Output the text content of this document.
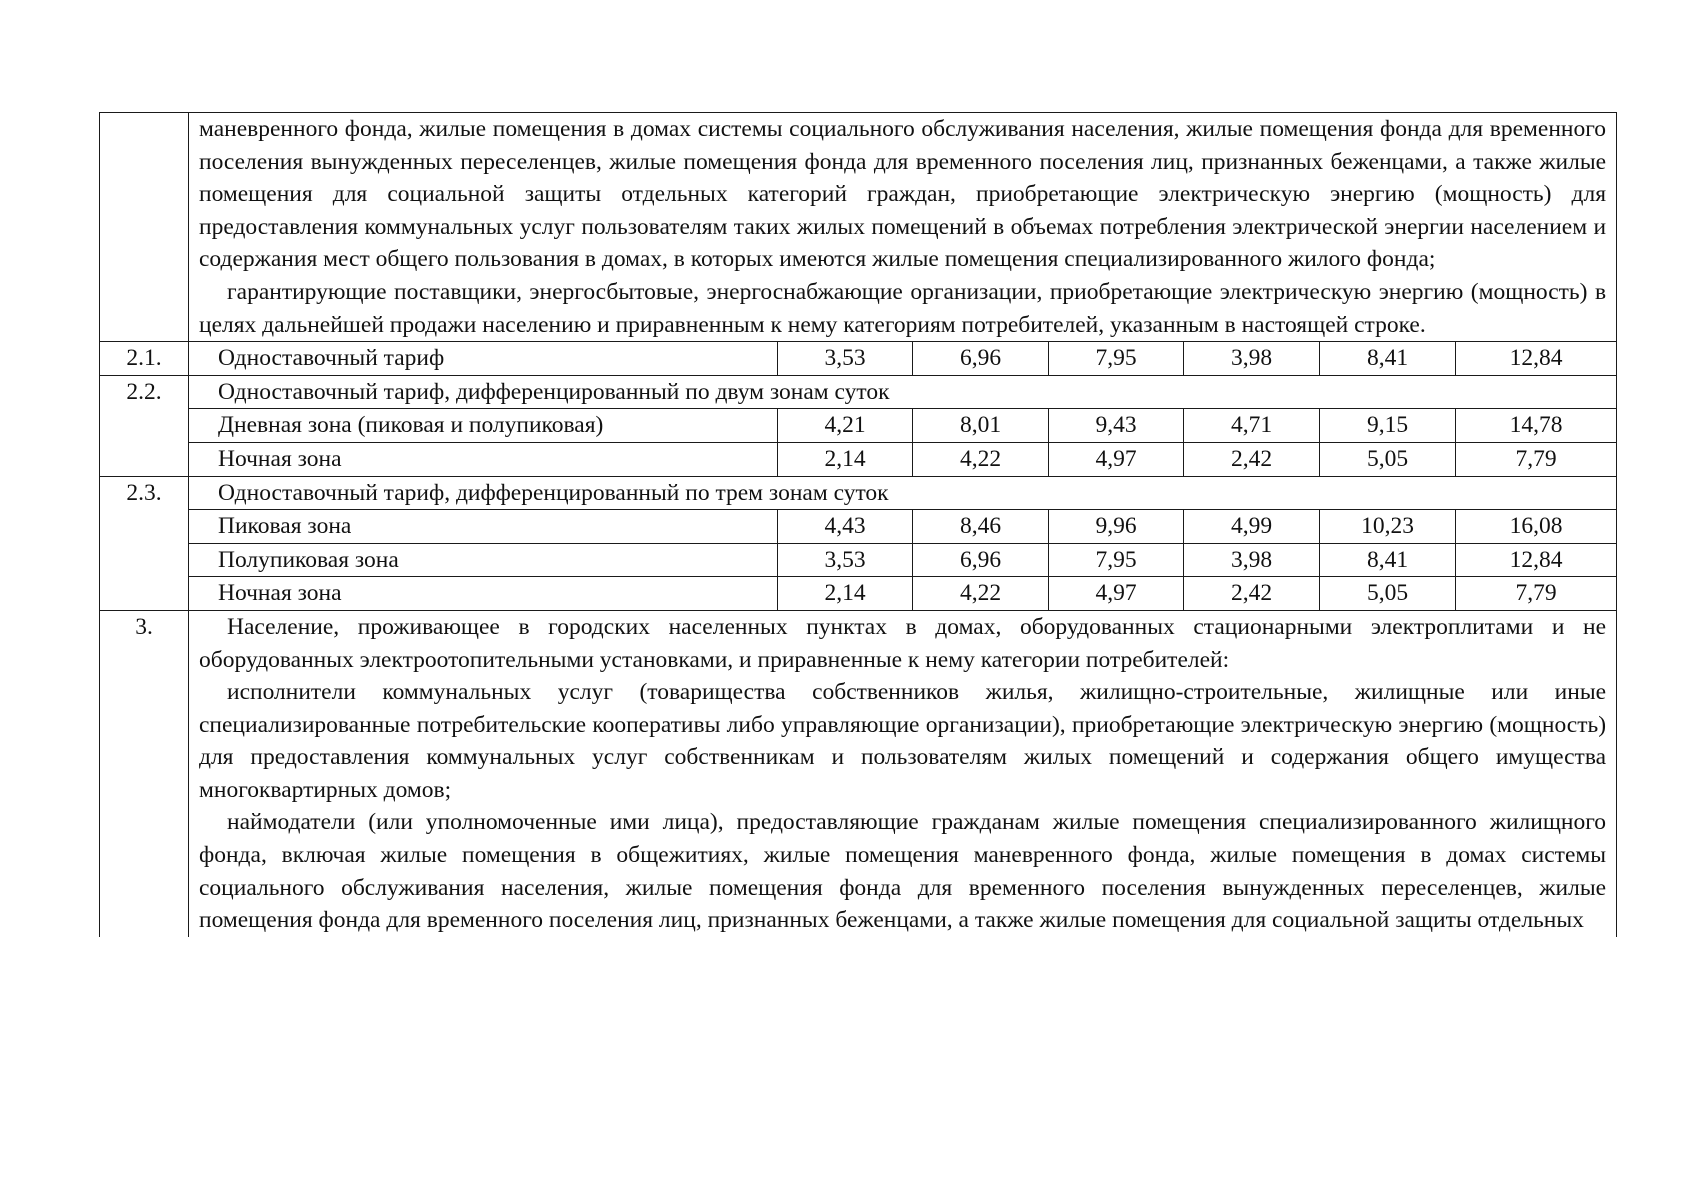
	маневренного фонда, жилые помещения в домах системы социального обслуживания населения, жилые помещения фонда для временного поселения вынужденных переселенцев, жилые помещения фонда для временного поселения лиц, признанных беженцами, а также жилые помещения для социальной защиты отдельных категорий граждан, приобретающие электрическую энергию (мощность) для предоставления коммунальных услуг пользователям таких жилых помещений в объемах потребления электрической энергии населением и содержания мест общего пользования в домах, в которых имеются жилые помещения специализированного жилого фонда;

гарантирующие поставщики, энергосбытовые, энергоснабжающие организации, приобретающие электрическую энергию (мощность) в целях дальнейшей продажи населению и приравненным к нему категориям потребителей, указанным в настоящей строке.						

2.1.	Одноставочный тариф	3,53	6,96	7,95	3,98	8,41	12,84
2.2.	Одноставочный тариф, дифференцированный по двум зонам суток						
	Дневная зона (пиковая и полупиковая)	4,21	8,01	9,43	4,71	9,15	14,78
	Ночная зона	2,14	4,22	4,97	2,42	5,05	7,79
2.3.	Одноставочный тариф, дифференцированный по трем зонам суток						
	Пиковая зона	4,43	8,46	9,96	4,99	10,23	16,08
	Полупиковая зона	3,53	6,96	7,95	3,98	8,41	12,84
	Ночная зона	2,14	4,22	4,97	2,42	5,05	7,79
3.	Население, проживающее в городских населенных пунктах в домах, оборудованных стационарными электроплитами и не оборудованных электроотопительными установками, и приравненные к нему категории потребителей:

исполнители коммунальных услуг (товарищества собственников жилья, жилищно-строительные, жилищные или иные специализированные потребительские кооперативы либо управляющие организации), приобретающие электрическую энергию (мощность) для предоставления коммунальных услуг собственникам и пользователям жилых помещений и содержания общего имущества многоквартирных домов;

наймодатели (или уполномоченные ими лица), предоставляющие гражданам жилые помещения специализированного жилищного фонда, включая жилые помещения в общежитиях, жилые помещения маневренного фонда, жилые помещения в домах системы социального обслуживания населения, жилые помещения фонда для временного поселения вынужденных переселенцев, жилые помещения фонда для временного поселения лиц, признанных беженцами, а также жилые помещения для социальной защиты отдельных						
